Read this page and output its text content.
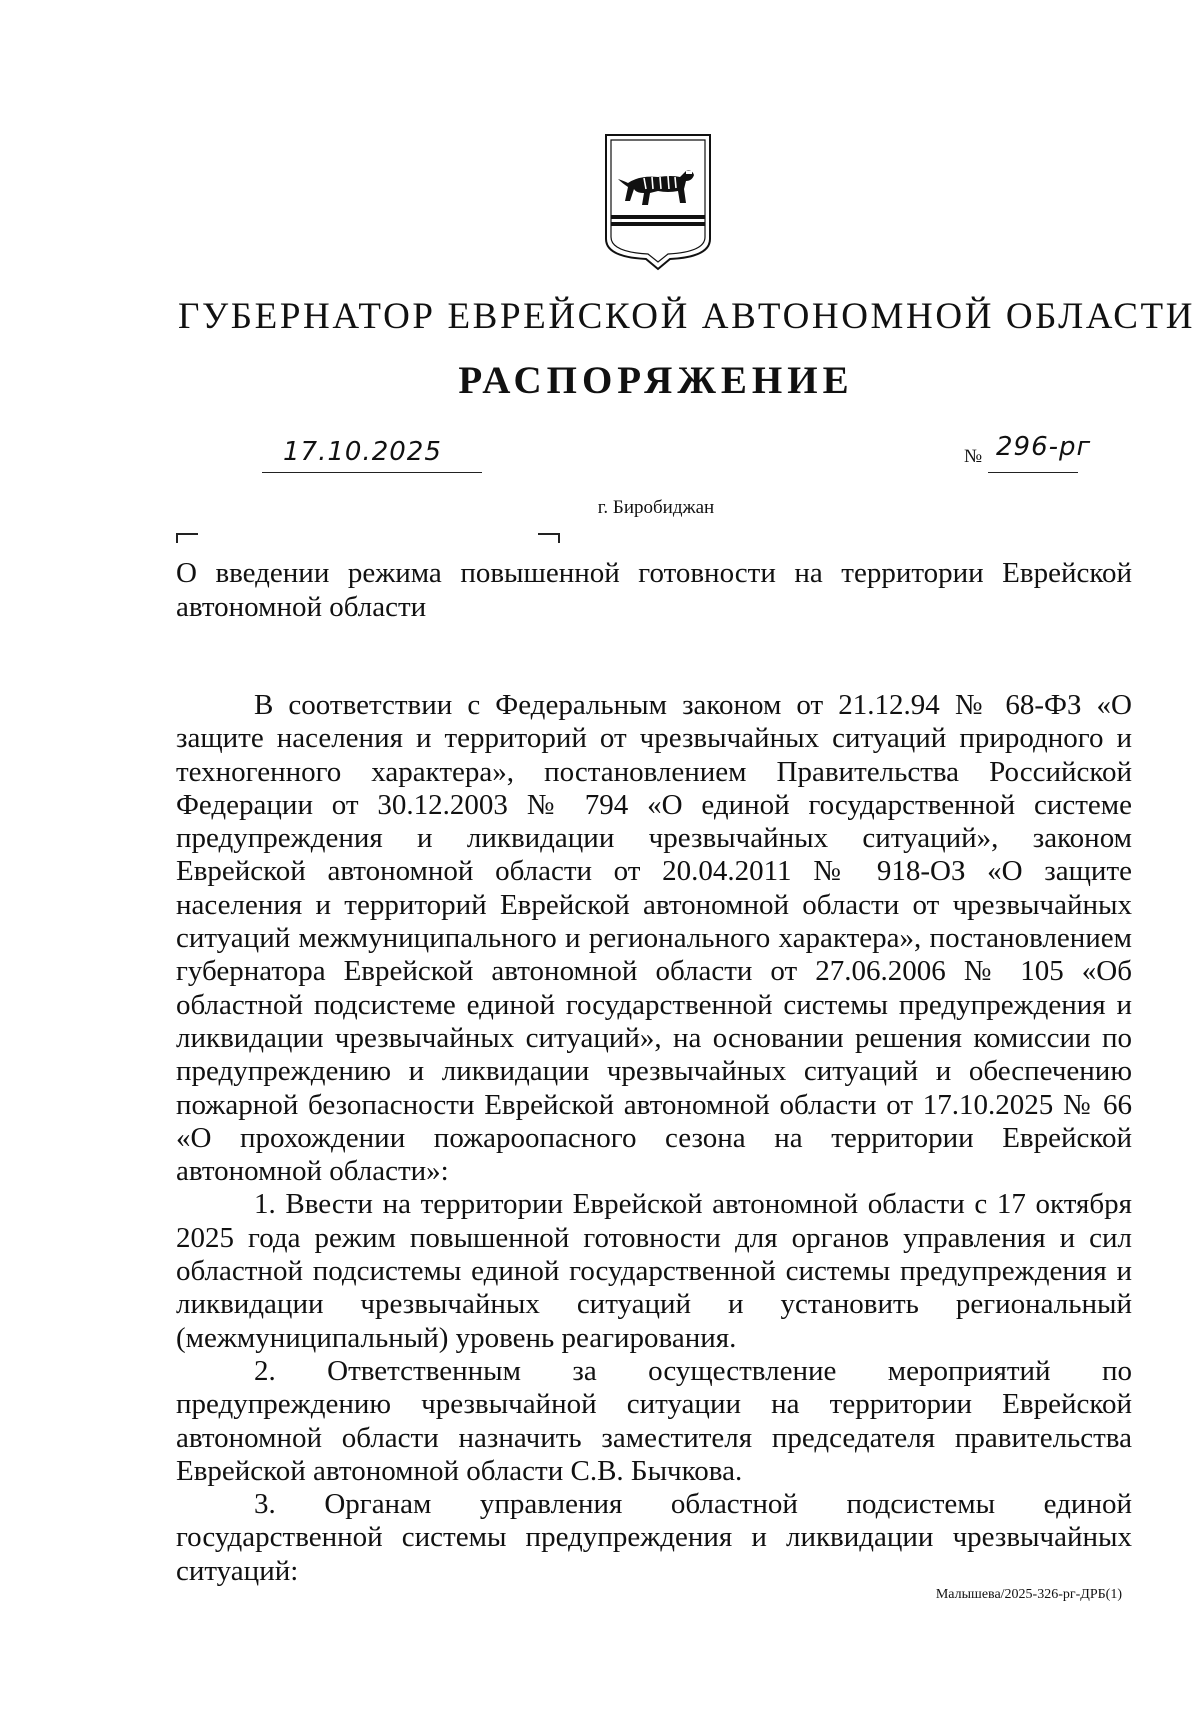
ГУБЕРНАТОР ЕВРЕЙСКОЙ АВТОНОМНОЙ ОБЛАСТИ
РАСПОРЯЖЕНИЕ
17.10.2025	№ 296-рг
г. Биробиджан

О введении режима повышенной готовности на территории Еврейской

автономной области

В соответствии с Федеральным законом от 21.12.94 № 68-ФЗ «О защите населения и территорий от чрезвычайных ситуаций природного и техногенного характера», постановлением Правительства Российской Федерации от 30.12.2003 № 794 «О единой государственной системе предупреждения и ликвидации чрезвычайных ситуаций», законом Еврейской автономной области от 20.04.2011 № 918-ОЗ «О защите населения и территорий Еврейской автономной области от чрезвычайных ситуаций межмуниципального и регионального характера», постановлением губернатора Еврейской автономной области от 27.06.2006 № 105 «Об областной подсистеме единой государственной системы предупреждения и ликвидации чрезвычайных ситуаций», на основании решения комиссии по предупреждению и ликвидации чрезвычайных ситуаций и обеспечению пожарной безопасности Еврейской автономной области от 17.10.2025 № 66 «О прохождении пожароопасного сезона на территории Еврейской автономной области»:

1. Ввести на территории Еврейской автономной области с 17 октября 2025 года режим повышенной готовности для органов управления и сил областной подсистемы единой государственной системы предупреждения и ликвидации чрезвычайных ситуаций и установить региональный (межмуниципальный) уровень реагирования.

2. Ответственным за осуществление мероприятий по предупреждению чрезвычайной ситуации на территории Еврейской автономной области назначить заместителя председателя правительства Еврейской автономной области С.В. Бычкова.

3. Органам управления областной подсистемы единой государственной системы предупреждения и ликвидации чрезвычайных ситуаций:

Малышева/2025-326-рг-ДРБ(1)
